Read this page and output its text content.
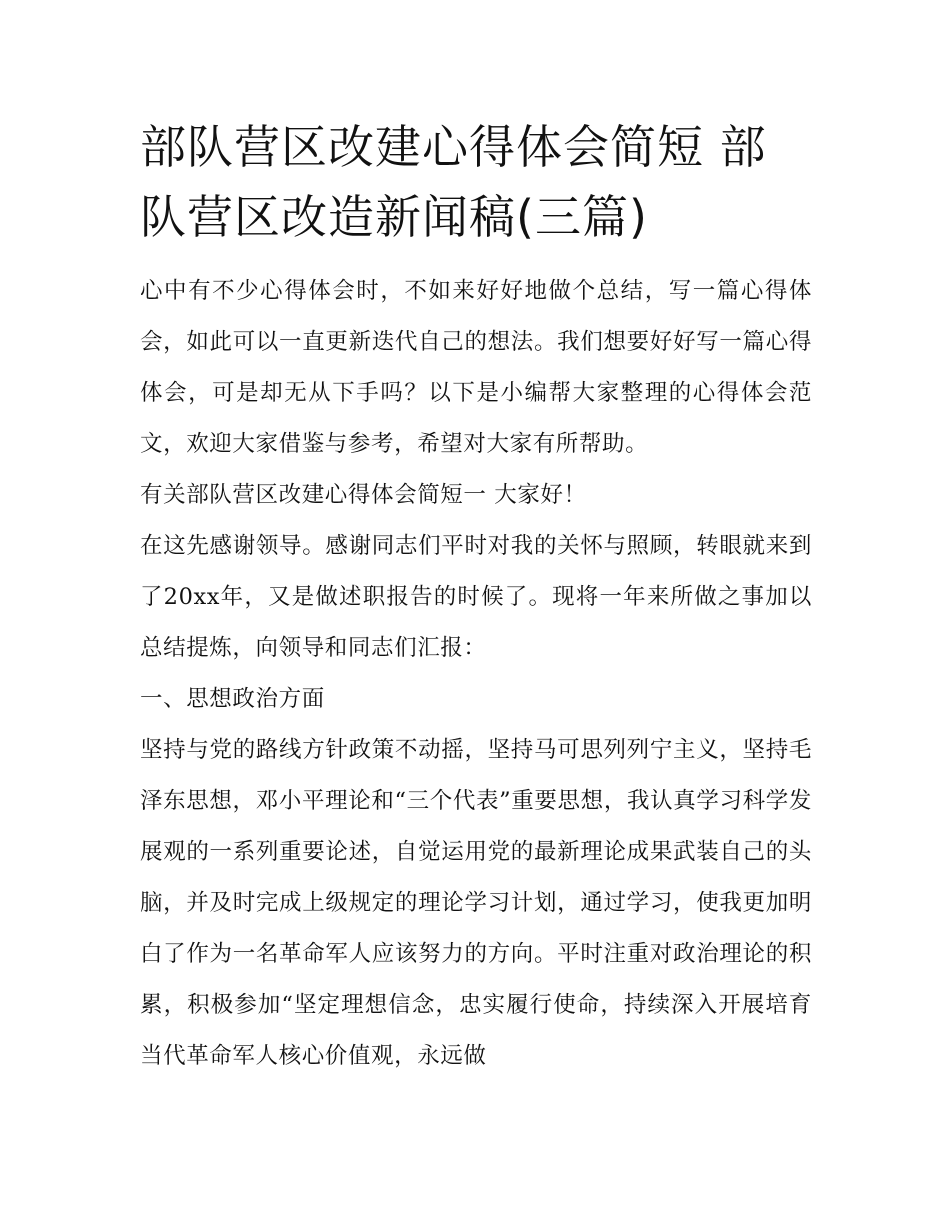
部队营区改建心得体会简短 部队营区改造新闻稿(三篇)

心中有不少心得体会时，不如来好好地做个总结，写一篇心得体会，如此可以一直更新迭代自己的想法。我们想要好好写一篇心得体会，可是却无从下手吗？以下是小编帮大家整理的心得体会范文，欢迎大家借鉴与参考，希望对大家有所帮助。

有关部队营区改建心得体会简短一 大家好！

在这先感谢领导。感谢同志们平时对我的关怀与照顾，转眼就来到了20xx年，又是做述职报告的时候了。现将一年来所做之事加以总结提炼，向领导和同志们汇报：

一、思想政治方面

坚持与党的路线方针政策不动摇，坚持马可思列列宁主义，坚持毛泽东思想，邓小平理论和“三个代表”重要思想，我认真学习科学发展观的一系列重要论述，自觉运用党的最新理论成果武装自己的头脑，并及时完成上级规定的理论学习计划，通过学习，使我更加明白了作为一名革命军人应该努力的方向。平时注重对政治理论的积累，积极参加“坚定理想信念，忠实履行使命，持续深入开展培育当代革命军人核心价值观，永远做
